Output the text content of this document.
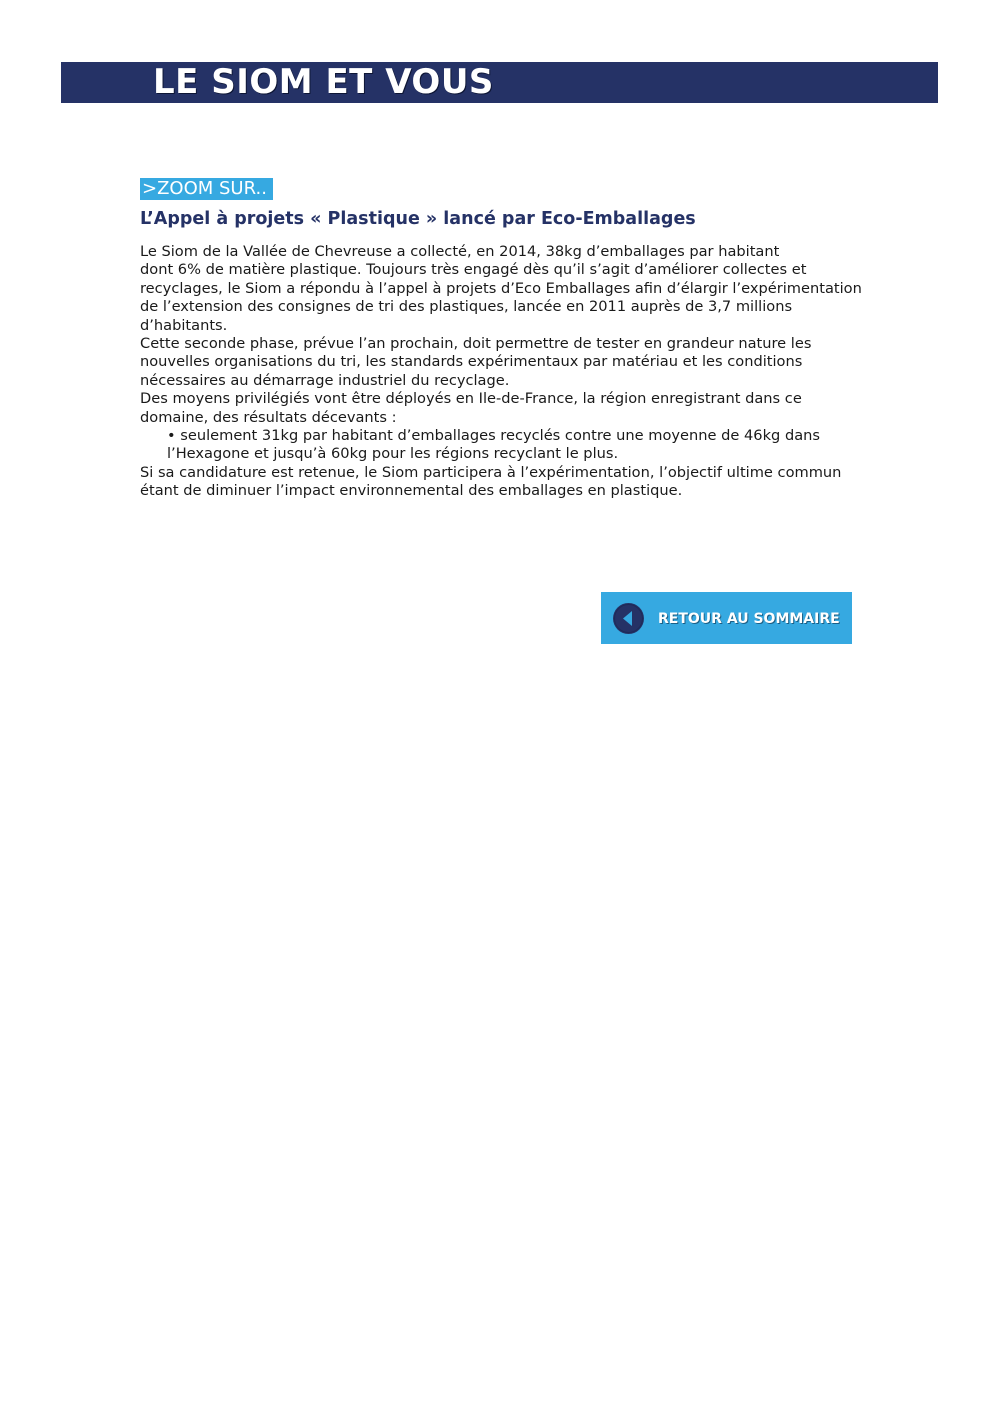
LE SIOM ET VOUS
>ZOOM SUR..
L’Appel à projets « Plastique » lancé par Eco-Emballages
Le Siom de la Vallée de Chevreuse a collecté, en 2014, 38kg d’emballages par habitant
dont 6% de matière plastique. Toujours très engagé dès qu’il s’agit d’améliorer collectes et
recyclages, le Siom a répondu à l’appel à projets d’Eco Emballages afin d’élargir l’expérimentation
de l’extension des consignes de tri des plastiques, lancée en 2011 auprès de 3,7 millions
d’habitants.
Cette seconde phase, prévue l’an prochain, doit permettre de tester en grandeur nature les
nouvelles organisations du tri, les standards expérimentaux par matériau et les conditions
nécessaires au démarrage industriel du recyclage.
Des moyens privilégiés vont être déployés en Ile-de-France, la région enregistrant dans ce
domaine, des résultats décevants :
• seulement 31kg par habitant d’emballages recyclés contre une moyenne de 46kg dans
l’Hexagone et jusqu’à 60kg pour les régions recyclant le plus.
Si sa candidature est retenue, le Siom participera à l’expérimentation, l’objectif ultime commun
étant de diminuer l’impact environnemental des emballages en plastique.
RETOUR AU SOMMAIRE
